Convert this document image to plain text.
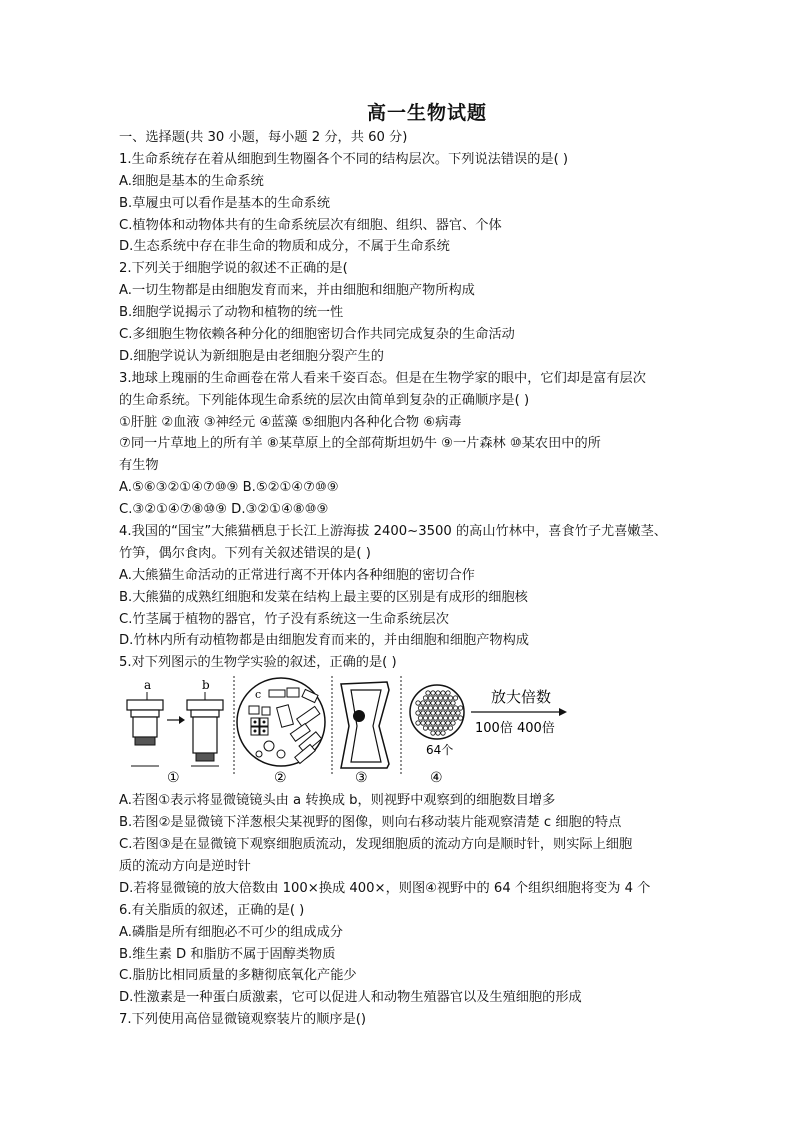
高一生物试题
一、选择题(共 30 小题，每小题 2 分，共 60 分)
1.生命系统存在着从细胞到生物圈各个不同的结构层次。下列说法错误的是( )
A.细胞是基本的生命系统
B.草履虫可以看作是基本的生命系统
C.植物体和动物体共有的生命系统层次有细胞、组织、器官、个体
D.生态系统中存在非生命的物质和成分，不属于生命系统
2.下列关于细胞学说的叙述不正确的是(
A.一切生物都是由细胞发育而来，并由细胞和细胞产物所构成
B.细胞学说揭示了动物和植物的统一性
C.多细胞生物依赖各种分化的细胞密切合作共同完成复杂的生命活动
D.细胞学说认为新细胞是由老细胞分裂产生的
3.地球上瑰丽的生命画卷在常人看来千姿百态。但是在生物学家的眼中，它们却是富有层次
的生命系统。下列能体现生命系统的层次由简单到复杂的正确顺序是( )
①肝脏 ②血液 ③神经元 ④蓝藻 ⑤细胞内各种化合物 ⑥病毒
⑦同一片草地上的所有羊 ⑧某草原上的全部荷斯坦奶牛 ⑨一片森林 ⑩某农田中的所
有生物
A.⑤⑥③②①④⑦⑩⑨ B.⑤②①④⑦⑩⑨
C.③②①④⑦⑧⑩⑨ D.③②①④⑧⑩⑨
4.我国的“国宝”大熊猫栖息于长江上游海拔 2400~3500 的高山竹林中，喜食竹子尤喜嫩茎、
竹笋，偶尔食肉。下列有关叙述错误的是( )
A.大熊猫生命活动的正常进行离不开体内各种细胞的密切合作
B.大熊猫的成熟红细胞和发菜在结构上最主要的区别是有成形的细胞核
C.竹茎属于植物的器官，竹子没有系统这一生命系统层次
D.竹林内所有动植物都是由细胞发育而来的，并由细胞和细胞产物构成
5.对下列图示的生物学实验的叙述，正确的是( )
a	b
①
c
②	③
64个
④
放大倍数
100倍 400倍
A.若图①表示将显微镜镜头由 a 转换成 b，则视野中观察到的细胞数目增多
B.若图②是显微镜下洋葱根尖某视野的图像，则向右移动装片能观察清楚 c 细胞的特点
C.若图③是在显微镜下观察细胞质流动，发现细胞质的流动方向是顺时针，则实际上细胞
质的流动方向是逆时针
D.若将显微镜的放大倍数由 100×换成 400×，则图④视野中的 64 个组织细胞将变为 4 个
6.有关脂质的叙述，正确的是( )
A.磷脂是所有细胞必不可少的组成成分
B.维生素 D 和脂肪不属于固醇类物质
C.脂肪比相同质量的多糖彻底氧化产能少
D.性激素是一种蛋白质激素，它可以促进人和动物生殖器官以及生殖细胞的形成
7.下列使用高倍显微镜观察装片的顺序是()
